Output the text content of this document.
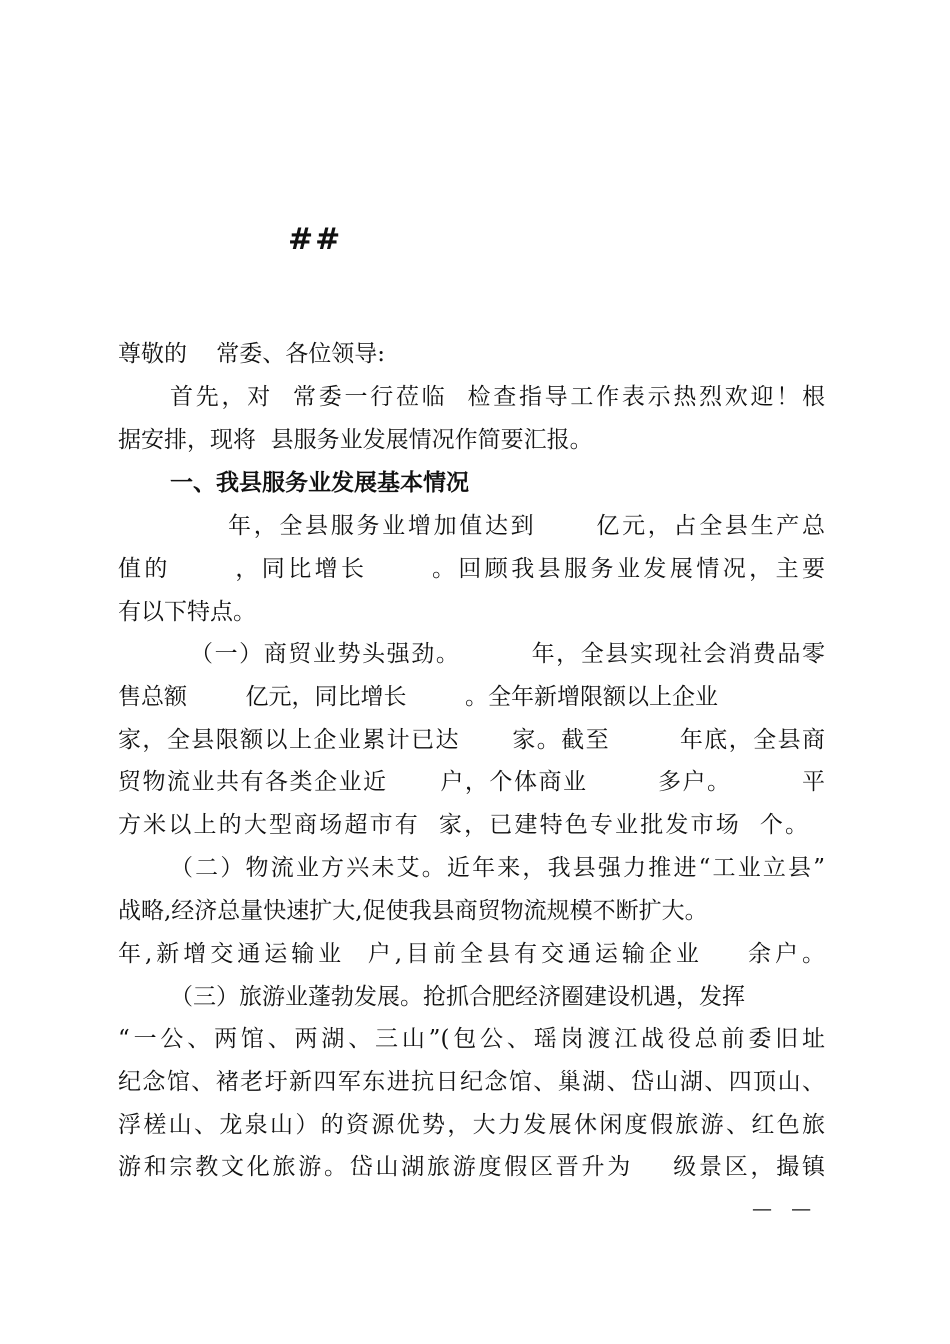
##
尊敬的    常委、各位领导:
首先，对  常委一行莅临  检查指导工作表示热烈欢迎！根
据安排，现将  县服务业发展情况作简要汇报。
一、我县服务业发展基本情况
年，全县服务业增加值达到      亿元，占全县生产总
值的      ，同比增长      。回顾我县服务业发展情况，主要
有以下特点。
（一）商贸业势头强劲。        年，全县实现社会消费品零
售总额        亿元，同比增长        。全年新增限额以上企业
家，全县限额以上企业累计已达      家。截至        年底，全县商
贸物流业共有各类企业近      户，个体商业        多户。        平
方米以上的大型商场超市有  家，已建特色专业批发市场  个。
（二）物流业方兴未艾。近年来，我县强力推进“工业立县”
战略,经济总量快速扩大,促使我县商贸物流规模不断扩大。
年,新增交通运输业  户,目前全县有交通运输企业    余户。
（三）旅游业蓬勃发展。抢抓合肥经济圈建设机遇，发挥
“一公、两馆、两湖、三山”(包公、瑶岗渡江战役总前委旧址
纪念馆、褚老圩新四军东进抗日纪念馆、巢湖、岱山湖、四顶山、
浮槎山、龙泉山）的资源优势，大力发展休闲度假旅游、红色旅
游和宗教文化旅游。岱山湖旅游度假区晋升为    级景区，撮镇
—   —
